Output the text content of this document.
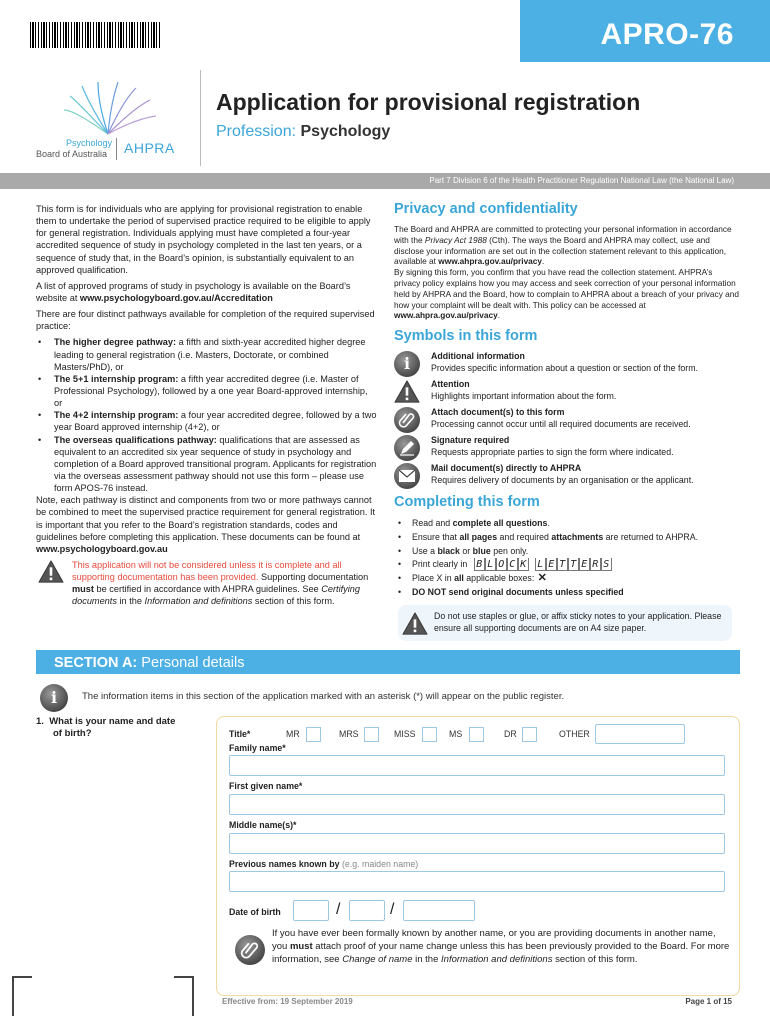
APRO-76
Psychology
Board of Australia AHPRA
Application for provisional registration
Profession: Psychology
Part 7 Division 6 of the Health Practitioner Regulation National Law (the National Law)

This form is for individuals who are applying for provisional registration to enable them to undertake the period of supervised practice required to be eligible to apply for general registration. Individuals applying must have completed a four-year accredited sequence of study in psychology completed in the last ten years, or a sequence of study that, in the Board’s opinion, is substantially equivalent to an approved qualification.

A list of approved programs of study in psychology is available on the Board’s website at www.psychologyboard.gov.au/Accreditation

There are four distinct pathways available for completion of the required supervised practice:

• The higher degree pathway: a fifth and sixth-year accredited higher degree leading to general registration (i.e. Masters, Doctorate, or combined Masters/PhD), or
• The 5+1 internship program: a fifth year accredited degree (i.e. Master of Professional Psychology), followed by a one year Board-approved internship, or
• The 4+2 internship program: a four year accredited degree, followed by a two year Board approved internship (4+2), or
• The overseas qualifications pathway: qualifications that are assessed as equivalent to an accredited six year sequence of study in psychology and completion of a Board approved transitional program. Applicants for registration via the overseas assessment pathway should not use this form – please use form APOS-76 instead.

Note, each pathway is distinct and components from two or more pathways cannot be combined to meet the supervised practice requirement for general registration. It is important that you refer to the Board’s registration standards, codes and guidelines before completing this application. These documents can be found at www.psychologyboard.gov.au

This application will not be considered unless it is complete and all supporting documentation has been provided. Supporting documentation must be certified in accordance with AHPRA guidelines. See Certifying documents in the Information and definitions section of this form.
Privacy and confidentiality
The Board and AHPRA are committed to protecting your personal information in accordance with the Privacy Act 1988 (Cth). The ways the Board and AHPRA may collect, use and disclose your information are set out in the collection statement relevant to this application, available at www.ahpra.gov.au/privacy.
By signing this form, you confirm that you have read the collection statement. AHPRA’s privacy policy explains how you may access and seek correction of your personal information held by AHPRA and the Board, how to complain to AHPRA about a breach of your privacy and how your complaint will be dealt with. This policy can be accessed at www.ahpra.gov.au/privacy.
Symbols in this form
i	Additional information
Provides specific information about a question or section of the form.
Attention
Highlights important information about the form.
Attach document(s) to this form
Processing cannot occur until all required documents are received.
Signature required
Requests appropriate parties to sign the form where indicated.
Mail document(s) directly to AHPRA
Requires delivery of documents by an organisation or the applicant.
Completing this form
• Read and complete all questions.
• Ensure that all pages and required attachments are returned to AHPRA.
• Use a black or blue pen only.
• Print clearly in B L O C K L E T T E R S
• Place X in all applicable boxes: ✕
• DO NOT send original documents unless specified
Do not use staples or glue, or affix sticky notes to your application. Please ensure all supporting documents are on A4 size paper.
SECTION A: Personal details
i	The information items in this section of the application marked with an asterisk (*) will appear on the public register.
1. What is your name and date
of birth?	Title*	MR	MRS	MISS	MS	DR	OTHER
Family name*
First given name*
Middle name(s)*
Previous names known by (e.g. maiden name)
Date of birth	/	/
If you have ever been formally known by another name, or you are providing documents in another name, you must attach proof of your name change unless this has been previously provided to the Board. For more information, see Change of name in the Information and definitions section of this form.
Effective from: 19 September 2019	Page 1 of 15
